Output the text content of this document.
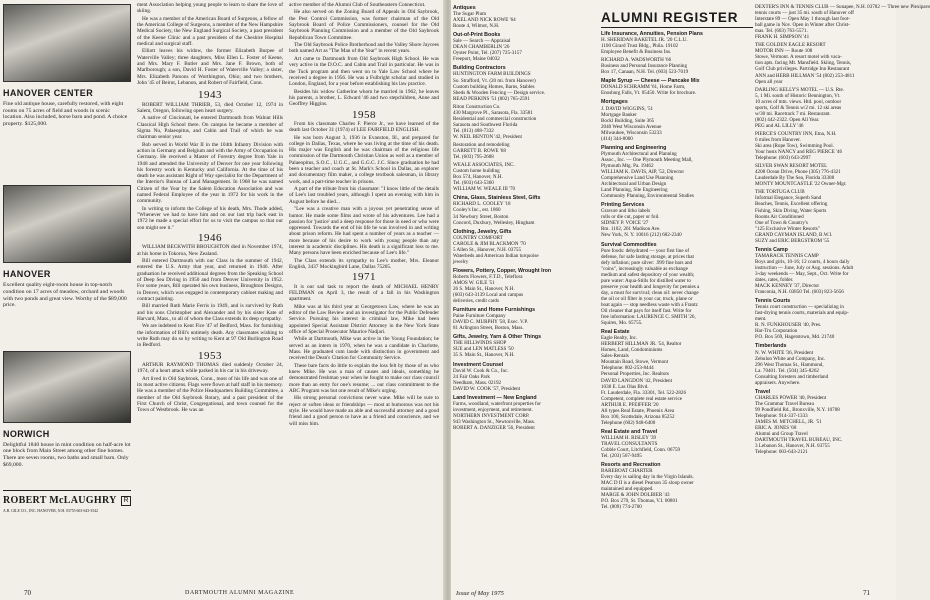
HANOVER CENTER
Fine old antique house, carefully restored, with eight rooms on 75 acres of field and woods in scenic location. Also included, horse barn and pond. A choice property. $125,000.
HANOVER
Excellent quality eight-room house in top-notch condition on 17 acres of meadow, orchard and woods with two ponds and great view. Worthy of the $89,000 price.
NORWICH
Delightful 1840 house in mint condition on half-acre lot one block from Main Street among other fine homes. There are seven rooms, two baths and small barn. Only $69,000.
ROBERT McLAUGHRY R
A.B. GILE CO., INC. HANOVER, N.H. 03755 603-643-3542

ment Association helping young people to learn to share the love of skiing.

He was a member of the American Board of Surgeons, a fellow of the American College of Surgeons, a member of the New Hampshire Medical Society, the New England Surgical Society, a past president of the Keene Clinic and a past president of the Cheshire Hospital medical and surgical staff.

Elliott leaves his widow, the former Elizabeth Burpee of Waterville Valley; three daughters, Miss Ellen L. Foster of Keene, and Mrs. Mary F. Butler and Mrs. Jane F. Brown, both of Marlborough; a son, David H. Foster of Waterville Valley; a sister, Mrs. Elizabeth Parsons of Worthington, Ohio; and two brothers, John '45 of Beirut, Lebanon, and Robert of Fairfield, Conn.

1943

ROBERT WILLIAM THRIER, 53, died October 12, 1974 in Salem, Oregon, following open heart surgery.

A native of Cincinnati, he entered Dartmouth from Walnut Hills Classical High School there. On campus he became a member of Sigma Nu, Palaeopitus, and Cabin and Trail of which he was chairman senior year.

Bob served in World War II in the 104th Infantry Division with action in Germany and Belgium and with the Army of Occupation in Germany. He received a Master of Forestry degree from Yale in 1948 and attended the University of Denver for one year following his forestry work in Kentucky and California. At the time of his death he was assistant Right of Way specialist for the Department of the Interior's Bureau of Land Management. In 1968 he was named Citizen of the Year by the Salem Education Association and was named Federal Employee of the year in 1972 for his work in the community.

In writing to inform the College of his death, Mrs. Thode added, "Whenever we had to have him and on our last trip back east in 1972 he made a special effort for us to visit the campus so that our son might see it."

1946

WILLIAM BECKWITH BROUGHTON died in November 1974, at his home in Tokoroa, New Zealand.

Bill entered Dartmouth with our Class in the summer of 1942, entered the U.S. Army that year, and returned in 1946. After graduation he received additional degrees from the Speaking School of Deep Sea Diving in 1950 and from Denver University in 1952. For some years, Bill operated his own business, Broughton Designs, in Denver, which was engaged in contemporary cabinet making and contract painting.

Bill married Ruth Marie Ferris in 1949, and is survived by Ruth and his sons Christopher and Alexander and by his sister Kate of Harvard, Mass., to all of whom the Class extends its deep sympathy.

We are indebted to Kent Fice '47 of Bedford, Mass. for furnishing the information of Bill's untimely death. Any classmates wishing to write Ruth may do so by writing to Kent at 97 Old Burlington Road in Bedford.

1953

ARTHUR RAYMOND THOMAS died suddenly October 24, 1974, of a heart attack while parked in his car in his driveway.

Art lived in Old Saybrook, Conn., most of his life and was one of its most active citizens. Flags were flown at half staff in his memory. He was a member of the Police Headquarters Building Committee, a member of the Old Saybrook Rotary, and a past president of the First Church of Christ, Congregational, and town counsel for the Town of Westbrook. He was an

active member of the Alumni Club of Southeastern Connecticut.

He also served on the Zoning Board of Appeals in Old Saybrook, the Pest Control Commission, was former chairman of the Old Saybrook Board of Police Commissioners, counsel for the Old Saybrook Planning Commission and a member of the Old Saybrook Republican Town Committee.

The Old Saybrook Police Brotherhood and the Valley Shore Jaycees both named Art as "The Man of the Year" in recent years.

Art came to Dartmouth from Old Saybrook High School. He was very active in the D.O.C. and Cabin and Trail in particular. He was in the Tuck program and then went on to Yale Law School where he received a degree in 1956. He was a Fulbright scholar and studied in London, England, for a year before establishing his law practice.

Besides his widow Catherine whom he married in 1962, he leaves his parents, a brother, L. Edward '46 and two stepchildren, Anne and Geoffrey Higgins.

1958

From his classmate Charles F. Pierce Jr., we have learned of the death last October 31 (1974) of LEE FAIRFIELD ENGLISH.

He was born August 3, 1936 in Evanston, Ill., and prepared for college in Dallas, Texas, where he was living at the time of his death. His major was English and he was chairman of the religious life commission of the Dartmouth Christian Union as well as a member of Palaeopitus, S.O.C., U.G.C., and G.G.C. J.C. Since graduation he had been a teacher and coach at St. Mark's School in Dallas, an explorer and documentary film maker, a college textbook salesman, in library work, and a part-time teacher in prisons.

A part of the tribute from his classmate: "I know little of the details of Lee's last troubled years, although I spent an evening with him in August before he died...

"Lee was a creative man with a joyous yet penetrating sense of humor. He made some films and wrote of his adventures. Lee had a passion for 'justice' and a deep response for those in need or who were oppressed. Towards the end of his life he was involved in and writing about prison reform. He had spent a number of years as a teacher — more because of his desire to work with young people than any interest in academic disciplines. His death is a significant loss to me. Many persons have been enriched because of Lee's life."

The Class extends its sympathy to Lee's mother, Mrs. Eleanor English, 3437 Mockingbird Lane, Dallas 75205.

1971

It is our sad task to report the death of MICHAEL HENRY FELDMAN on April 3, the result of a fall in his Washington apartment.

Mike was at his third year at Georgetown Law, where he was an editor of the Law Review and an investigator for the Public Defender Service. Pursuing his interest in criminal law, Mike had been appointed Special Assistant District Attorney in the New York State office of Special Prosecutor Maurice Nadjari.

While at Dartmouth, Mike was active in the Young Foundation; he served as an intern in 1970, when he was a candidate in Charlotte, Mass. He graduated cum laude with distinction in government and received the Dean's Citation for Community Service.

These bare facts do little to explain the loss felt by those of us who knew Mike. He was a man of causes and ideals, something he demonstrated freshman year when he fought to make our class council more than an entry for one's resume; ... our class commitment to the ABC Program was but one result of Mike's urging.

His strong personal convictions never wane. Mike will be sure to reject or soften ideas or friendships — most at humorous was not his style. He would have made an able and successful attorney and a good friend and a good person to have as a friend and conscience, and we will miss him.

70	DARTMOUTH ALUMNI MAGAZINE
Antiques
The Sugar Plum
AXEL AND NICK ROWE '64
Route 4, Wilmot, N.H.
Out-of-Print Books
Sale — Search — Appraisal
DEAN CHAMBERLIN '26
Oyster Point, Tel. (207) 725-3157
Freeport, Maine 04032
Building Contractors
HUNTINGTON FARM BUILDINGS
So. Strafford, Vt. (20 mi. from Hanover)
Custom building Homes, Barns, Stables
Sheds & Wooden Fencing — Design service.
READ PERKINS '51 (802) 765-2591
Riton Construction Co.
430 Margrove Pl., Sarasota, Fla. 33581
Residential and commercial construction
Sarasota and Southwest Florida
Tel. (813) 488-7332
W. NEIL BENTON '42, President
Restoration and remodeling
GARRETT B. ROWE '68
Tel. (603) 795-2688
WEALE ASSOCIATES, INC.
Custom home building
Box 574, Hanover, N.H.
Tel. (603) 643-5360
WILLIAM W. WEALE III '70
China, Glass, Stainless Steel, Gifts
RICHARD L. COOLEY '18
Cooley's Inc., est. 1860
34 Newbury Street, Boston
Concord, Duxbury, Wellesley, Hingham
Clothing, Jewelry, Gifts
COUNTRY COMFORT
CAROLE & JIM BLACKMON '70
5 Allen St., Hanover, N.H. 03755
Waterbeds and American Indian turquoise
jewelry
Flowers, Pottery, Copper, Wrought Iron
Roberts Flowers, F.T.D., Teleflora
AMOS W. GILE '51
26 S. Main St., Hanover, N.H.
(603) 643-3139 Local and campus
deliveries, credit cards
Furniture and Home Furnishings
Paine Furniture Company
DAVID C. MURPHY '58, Exec. V.P.
81 Arlington Street, Boston, Mass.
Gifts, Jewelry, Yarn & Other Things
THE HILLWINDS SHOP
SUE and LEN MATLESS '50
35 S. Main St., Hanover, N.H.
Investment Counsel
David W. Cook & Co., Inc.
24 Fair Oaks Park
Needham, Mass. 02192
DAVID W. COOK '57, President
Land Investment — New England
Farms, woodland, waterfront properties for
investment, enjoyment, and retirement.
NORTHERN INVESTMENT CORP.
943 Washington St., Newtonville, Mass.
ROBERT A. DANZIGER '56, President
ALUMNI REGISTER
Life Insurance, Annuities, Pension Plans
H. SHERIDAN BAKETEL JR. '20 C.L.U.
1100 Girard Trust Bldg., Phila. 19102
Employee Benefit & Business Ins.
RICHARD A. WADSWORTH '66
Business and Personal Insurance Planning
Box 17, Canaan, N.H. Tel. (603) 523-7019
Maple Syrup — Cheese — Pancake Mix
DONALD SCHRAMM '61, Home Farm,
Enosburg Falls, Vt. 05450. Write for brochure.
Mortgages
J. DAVID WIGGINS, '51
Mortgage Banker
Bockl Building, Suite 365
2040 West Wisconsin Avenue
Milwaukee, Wisconsin 53233
(414) 344-8000
Planning and Engineering
Plymouth Architectural and Planning
Assoc., Inc. — One Plymouth Meeting Mall,
Plymouth Mtg. Pa. 19462
WILLIAM K. DAVIS, AIP, '52, Director
Comprehensive Land Use Planning
Architectural and Urban Design
Land Planning, Site Engineering
Community Planning, Environmental Studies
Printing Services
Gravure and litho labels
rolls or die cut, paper or foil.
SIDNEY P. VOICE '27
Rm. 1102, 261 Madison Ave.
New York, N. Y. 10016 (212) 682-2340
Survival Commodities
Pure foods: dehydrated — your first line of
defense, for safe lasting storage, at prices that
defy inflation; pure silver: .999 fine bars and
"coins", increasingly valuable as exchange
medium and safest depository of your wealth;
pure water: Aqua-Stills for distilled water to
preserve your health and longevity for pennies a
day, a must for survival; clean oil: never change
the oil or oil filter in your car, truck, plane or
boat again — stop needless waste with a Frantz
Oil cleaner that pays for itself fast. Write for
free information: LAURENCE C. SMITH '26,
Squires, Mo. 65755.
Real Estate
Eagle Realty, Inc.
HERBERT HILLMAN JR. '54, Realtor
Homes, Land, Condominiums
Sales-Rentals
Mountain Road, Stowe, Vermont
Telephone: 802-253-8444
Personal Properties, Inc. Realtors
DAVID LANGDON '42, President
1038 E. Las Olas Blvd.
Ft. Lauderdale, Fla. 33301, Tel. 522-2826
Competent, complete real estate service
ARTHUR E. PFEIFFER '20
All types Real Estate, Phoenix Area
Box 100, Scottsdale, Arizona 85252
Telephone (602) 948-6400
Real Estate and Travel
WILLIAM H. RISLEY '39
TRAVEL CONSULTANTS
Cobble Court, Litchfield, Conn. 06759
Tel. (203) 567-9495
Resorts and Recreation
BAREBOAT CHARTER
Every day is sailing day in the Virgin Islands.
MAC D II is a diesel Pearson 35 sloop owner
maintained and equipped.
MARGE & JOHN DOLBIER '43
P.O. Box 270, St. Thomas, V.I. 00801
Tel. (809) 774-2700
DEXTER'S INN & TENNIS CLUB — Sunapee, N.H. 03782 — Three new Plexipave
tennis courts — just 35 mi. south of Hanover off
Interstate 89 — Open May 1 through last foot-
ball game in Nov. Open in Winter after Christ-
mas. Tel. (603) 763-5571.
FRANK H. SIMPSON '41
THE GOLDEN EAGLE RESORT
MOTOR INN — Route 108
Stowe, Vermont. A resort motel with vaca-
tion apts. facing Mt. Mansfield. Skiing, Tennis,
Golf Club privileges. Partridge Inn Restaurant
ANN and HERB HILLMAN '54 (802) 253-4811
Open all year
DARLING KELLY'S MOTEL — U.S. Rte.
5, 1 Mi. south of Historic Bennington, Vt.
10 acres of mtn. views. Htd. pool, outdoor
sports, Golf & Tennis w/2 mi. 12 ski areas
w/30 mi. Racetrack 7 mi. Restaurant.
(802) 442-2322. Open All Year.
PEG and AL LILLY '46
PIERCE'S COUNTRY INN, Etna, N.H.
6 miles from Hanover.
Ski area (Rope Tow), Swimming Pool.
Your hosts NANCY and REG PIERCE '46
Telephone: (603) 643-2997
SILVER SWAN RESORT MOTEL
4208 Ocean Drive, Phone (305) 776-4321
Lauderdale By The Sea, Florida 33308
MONTY MOUNTCASTLE '22 Owner-Mgr.
THE TORTUGA CLUB
Informal Elegance, Superb Sand
Beaches, Tennis, Excellent offering
Fishing, Skin Diving, Water Sports
Rooms Air Conditioned
One of Town & Country's
"125 Exclusive Winter Resorts"
GRAND CAYMAN ISLAND, B.W.I.
SUZY and ERIC BERGSTROM '55
Tennis Camp
TAMARACK TENNIS CAMP
Boys and girls, 10-16; 12 courts, 4 hours daily
instruction — June, July or Aug. sessions. Adult
3-day weekends — May, Sept., Oct. Write for
dates, rates, folder.
MACK KENNEY '37, Director
Franconia, N.H. 03850 Tel. (603) 823-5656
Tennis Courts
Tennis court construction — specializing in
fast-drying tennis courts, materials and equip-
ment.
R. N. FUNKHOUSER '40, Pres.
Har-Tru Corporation
P.O. Box 569, Hagerstown, Md. 21740
Timberlands
N. W. WHITE '36, President
Zebulon White and Company, Inc.
296 West Thomas St., Hammond,
La. 70401. Tel. (504) 345-8262
Consulting foresters and timberland
appraisers. Anywhere.
Travel
CHARLES POWER '40, President
The Grammar Travel Bureau
99 Pondfield Rd., Bronxville, N.Y. 10708
Telephone: 914-337-1333
JAMES M. MITCHELL, JR. '51
ERIC A. JONES '68
Alumni and Group Travel
DARTMOUTH TRAVEL BUREAU, INC.
3 Lebanon St., Hanover, N.H. 03755
Telephone: 603-643-2121
Issue of May 1975	71
